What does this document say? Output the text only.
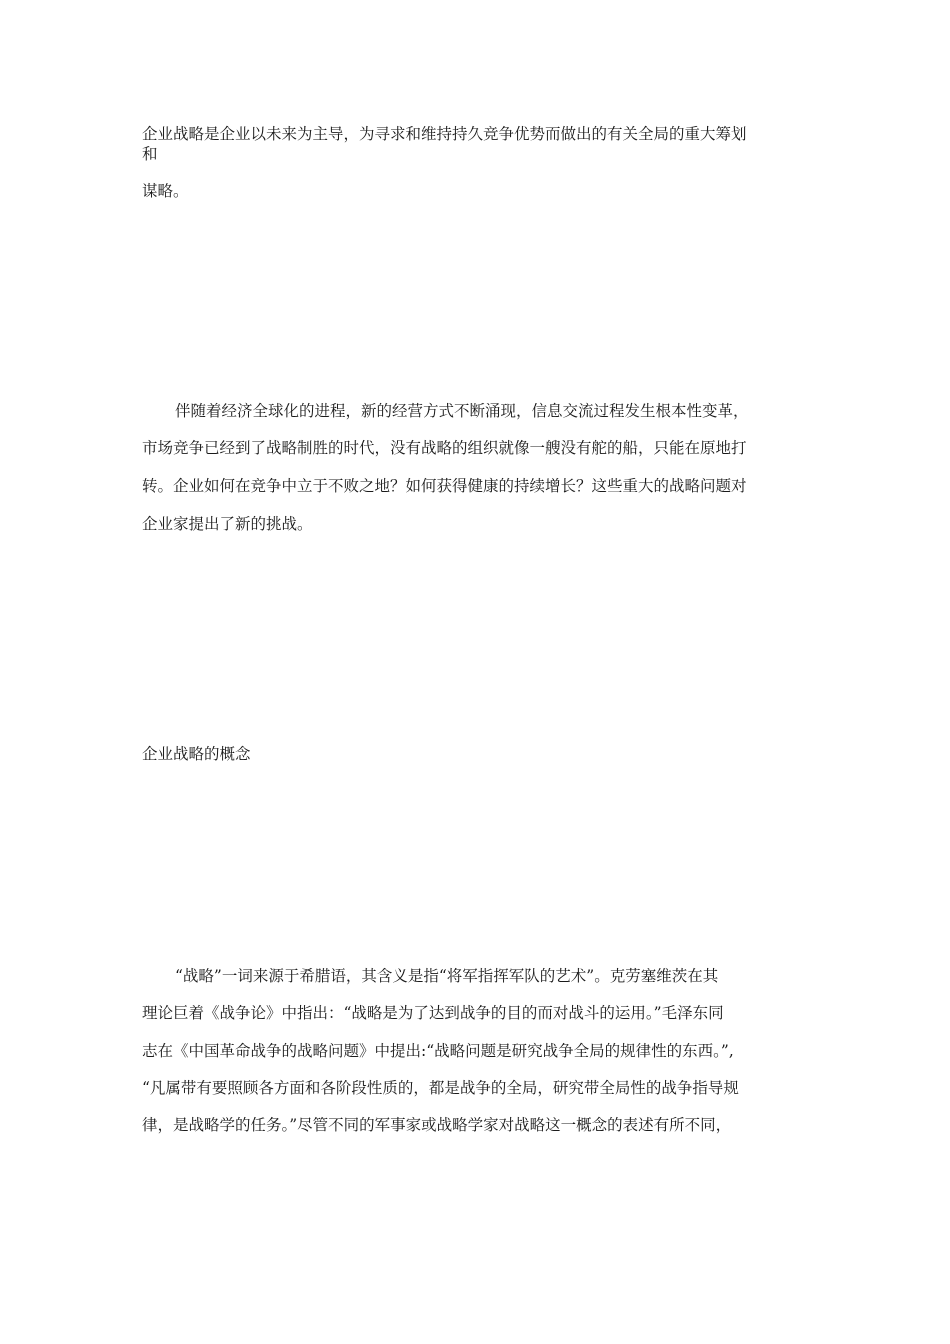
企业战略是企业以未来为主导，为寻求和维持持久竞争优势而做出的有关全局的重大筹划

和

谋略。

伴随着经济全球化的进程，新的经营方式不断涌现，信息交流过程发生根本性变革，

市场竞争已经到了战略制胜的时代，没有战略的组织就像一艘没有舵的船，只能在原地打

转。企业如何在竞争中立于不败之地？如何获得健康的持续增长？这些重大的战略问题对

企业家提出了新的挑战。

企业战略的概念

“战略”一词来源于希腊语，其含义是指“将军指挥军队的艺术”。克劳塞维茨在其

理论巨着《战争论》中指出：“战略是为了达到战争的目的而对战斗的运用。”毛泽东同

志在《中国革命战争的战略问题》中提出:“战略问题是研究战争全局的规律性的东西。”,

“凡属带有要照顾各方面和各阶段性质的，都是战争的全局，研究带全局性的战争指导规

律，是战略学的任务。”尽管不同的军事家或战略学家对战略这一概念的表述有所不同，
